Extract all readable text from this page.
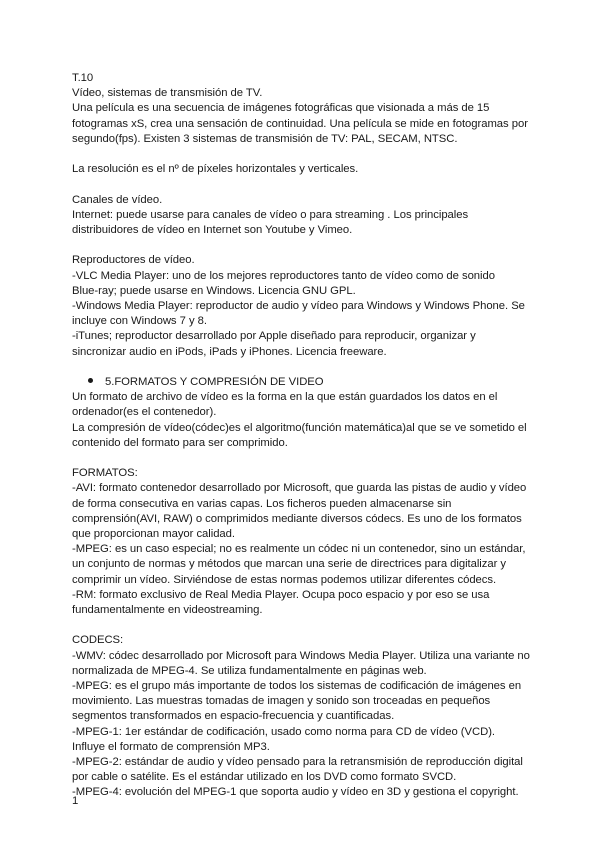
T.10
Vídeo, sistemas de transmisión de TV.
Una película es una secuencia de imágenes fotográficas que visionada a más de 15
fotogramas xS, crea una sensación de continuidad. Una película se mide en fotogramas por
segundo(fps). Existen 3 sistemas de transmisión de TV: PAL, SECAM, NTSC.
La resolución es el nº de píxeles horizontales y verticales.
Canales de vídeo.
Internet: puede usarse para canales de vídeo o para streaming . Los principales
distribuidores de vídeo en Internet son Youtube y Vimeo.
Reproductores de vídeo.
-VLC Media Player: uno de los mejores reproductores tanto de vídeo como de sonido
Blue-ray; puede usarse en Windows. Licencia GNU GPL.
-Windows Media Player: reproductor de audio y vídeo para Windows y Windows Phone. Se
incluye con Windows 7 y 8.
-iTunes; reproductor desarrollado por Apple diseñado para reproducir, organizar y
sincronizar audio en iPods, iPads y iPhones. Licencia freeware.
5.FORMATOS Y COMPRESIÓN DE VIDEO
Un formato de archivo de vídeo es la forma en la que están guardados los datos en el
ordenador(es el contenedor).
La compresión de vídeo(códec)es el algoritmo(función matemática)al que se ve sometido el
contenido del formato para ser comprimido.
FORMATOS:
-AVI: formato contenedor desarrollado por Microsoft, que guarda las pistas de audio y vídeo
de forma consecutiva en varias capas. Los ficheros pueden almacenarse sin
comprensión(AVI, RAW) o comprimidos mediante diversos códecs. Es uno de los formatos
que proporcionan mayor calidad.
-MPEG: es un caso especial; no es realmente un códec ni un contenedor, sino un estándar,
un conjunto de normas y métodos que marcan una serie de directrices para digitalizar y
comprimir un vídeo. Sirviéndose de estas normas podemos utilizar diferentes códecs.
-RM: formato exclusivo de Real Media Player. Ocupa poco espacio y por eso se usa
fundamentalmente en videostreaming.
CODECS:
-WMV: códec desarrollado por Microsoft para Windows Media Player. Utiliza una variante no
normalizada de MPEG-4. Se utiliza fundamentalmente en páginas web.
-MPEG: es el grupo más importante de todos los sistemas de codificación de imágenes en
movimiento. Las muestras tomadas de imagen y sonido son troceadas en pequeños
segmentos transformados en espacio-frecuencia y cuantificadas.
-MPEG-1: 1er estándar de codificación, usado como norma para CD de vídeo (VCD).
Influye el formato de comprensión MP3.
-MPEG-2: estándar de audio y vídeo pensado para la retransmisión de reproducción digital
por cable o satélite. Es el estándar utilizado en los DVD como formato SVCD.
-MPEG-4: evolución del MPEG-1 que soporta audio y vídeo en 3D y gestiona el copyright.
1
